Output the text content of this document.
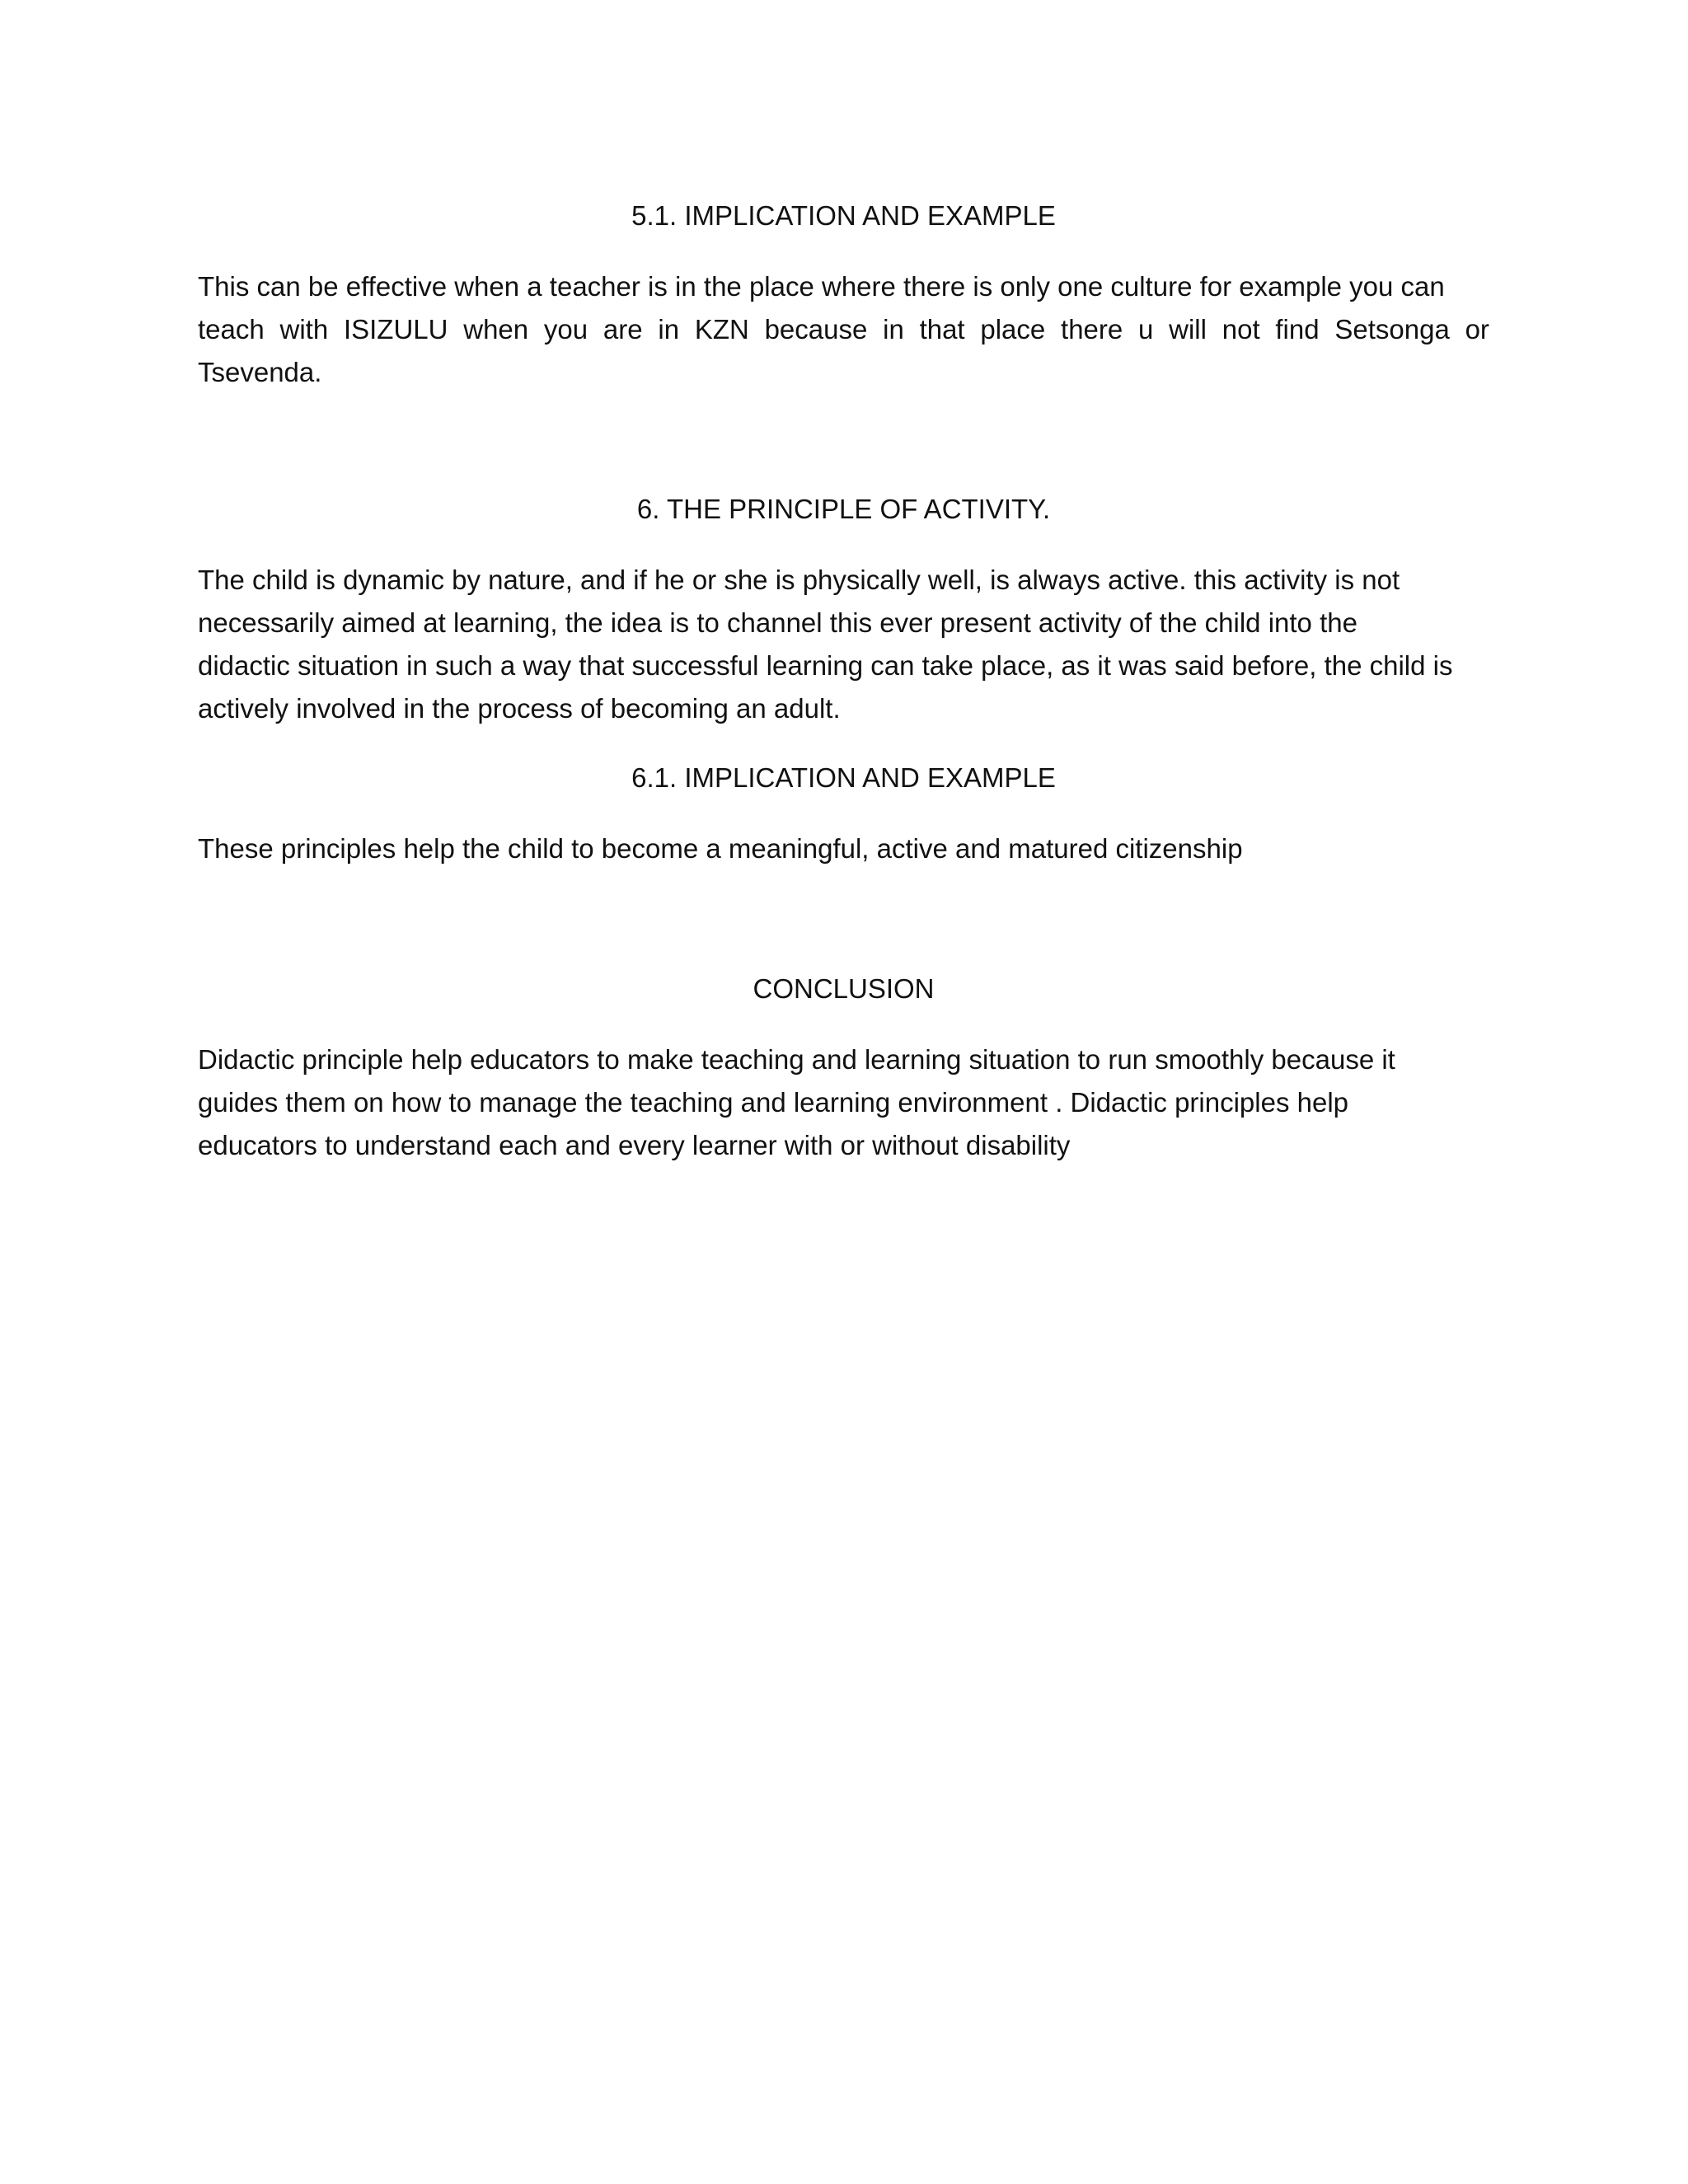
5.1. IMPLICATION AND EXAMPLE
This can be effective when a teacher is in the place where there is only one culture for example you can
teach with ISIZULU when you are in KZN because in that place there u will not find Setsonga or
Tsevenda.
6. THE PRINCIPLE OF ACTIVITY.
The child is dynamic by nature, and if he or she is physically well, is always active. this activity is not
necessarily aimed at learning, the idea is to channel this ever present activity of the child into the
didactic situation in such a way that successful learning can take place, as it was said before, the child is
actively involved in the process of becoming an adult.
6.1. IMPLICATION AND EXAMPLE
These principles help the child to become a meaningful, active and matured citizenship
CONCLUSION
Didactic principle help educators to make teaching and learning situation to run smoothly because it
guides them on how to manage the teaching and learning environment . Didactic principles help
educators to understand each and every learner with or without disability
